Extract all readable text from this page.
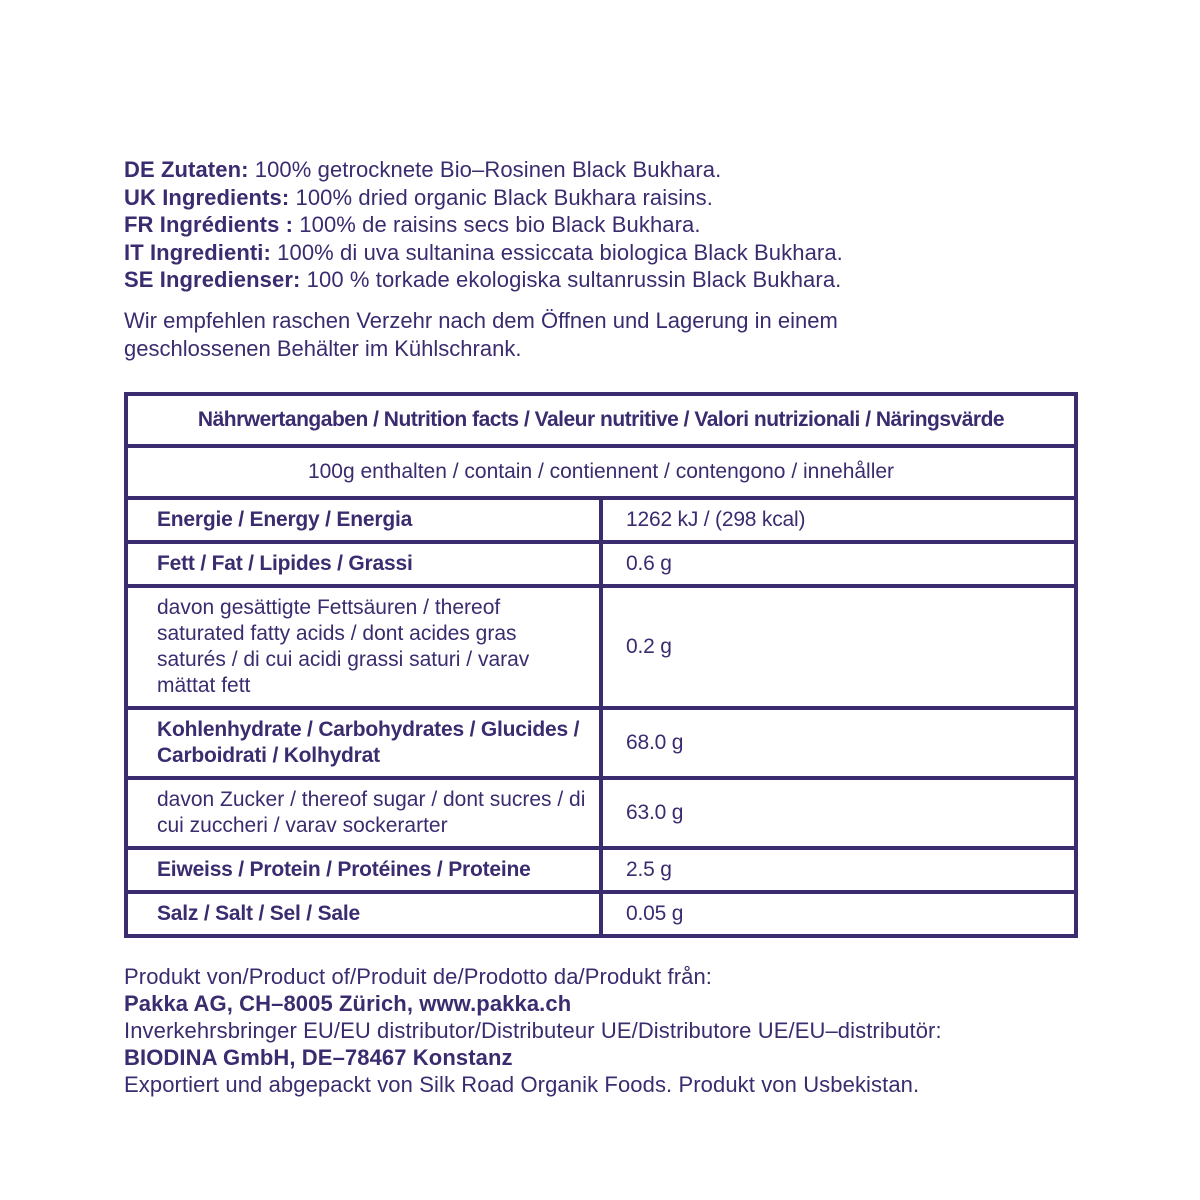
DE Zutaten: 100% getrocknete Bio–Rosinen Black Bukhara.
UK Ingredients: 100% dried organic Black Bukhara raisins.
FR Ingrédients : 100% de raisins secs bio Black Bukhara.
IT Ingredienti: 100% di uva sultanina essiccata biologica Black Bukhara.
SE Ingredienser: 100 % torkade ekologiska sultanrussin Black Bukhara.

Wir empfehlen raschen Verzehr nach dem Öffnen und Lagerung in einem geschlossenen Behälter im Kühlschrank.

Nährwertangaben / Nutrition facts / Valeur nutritive / Valori nutrizionali / Näringsvärde	
100g enthalten / contain / contiennent / contengono / innehåller	
Energie / Energy / Energia	1262 kJ / (298 kcal)
Fett / Fat / Lipides / Grassi	0.6 g
davon gesättigte Fettsäuren / thereof saturated fatty acids / dont acides gras saturés / di cui acidi grassi saturi / varav mättat fett	0.2 g
Kohlenhydrate / Carbohydrates / Glucides / Carboidrati / Kolhydrat	68.0 g
davon Zucker / thereof sugar / dont sucres / di cui zuccheri / varav sockerarter	63.0 g
Eiweiss / Protein / Protéines / Proteine	2.5 g
Salz / Salt / Sel / Sale	0.05 g
Produkt von/Product of/Produit de/Prodotto da/Produkt från:
Pakka AG, CH–8005 Zürich, www.pakka.ch
Inverkehrsbringer EU/EU distributor/Distributeur UE/Distributore UE/EU–distributör:
BIODINA GmbH, DE–78467 Konstanz
Exportiert und abgepackt von Silk Road Organik Foods. Produkt von Usbekistan.
